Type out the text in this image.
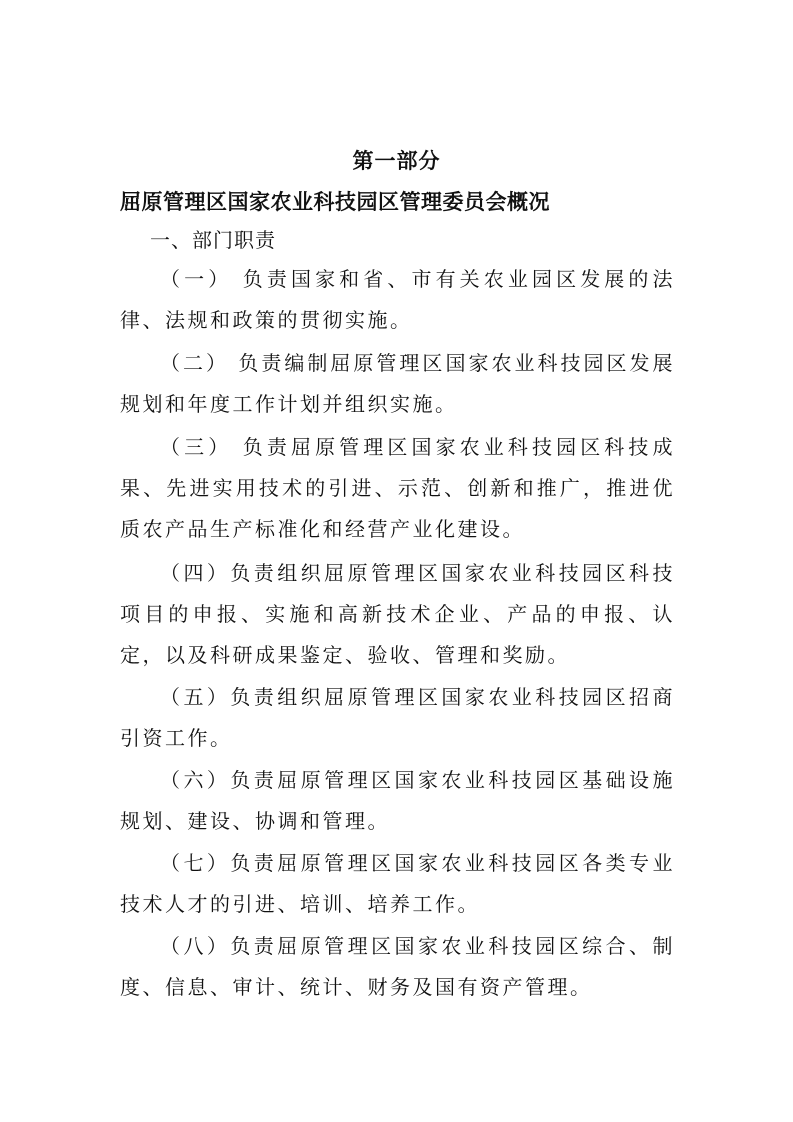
第一部分
屈原管理区国家农业科技园区管理委员会概况
一、部门职责

（一） 负责国家和省、市有关农业园区发展的法律、法规和政策的贯彻实施。

（二） 负责编制屈原管理区国家农业科技园区发展规划和年度工作计划并组织实施。

（三） 负责屈原管理区国家农业科技园区科技成果、先进实用技术的引进、示范、创新和推广，推进优质农产品生产标准化和经营产业化建设。

（四）负责组织屈原管理区国家农业科技园区科技项目的申报、实施和高新技术企业、产品的申报、认定，以及科研成果鉴定、验收、管理和奖励。

（五）负责组织屈原管理区国家农业科技园区招商引资工作。

（六）负责屈原管理区国家农业科技园区基础设施规划、建设、协调和管理。

（七）负责屈原管理区国家农业科技园区各类专业技术人才的引进、培训、培养工作。

（八）负责屈原管理区国家农业科技园区综合、制度、信息、审计、统计、财务及国有资产管理。
